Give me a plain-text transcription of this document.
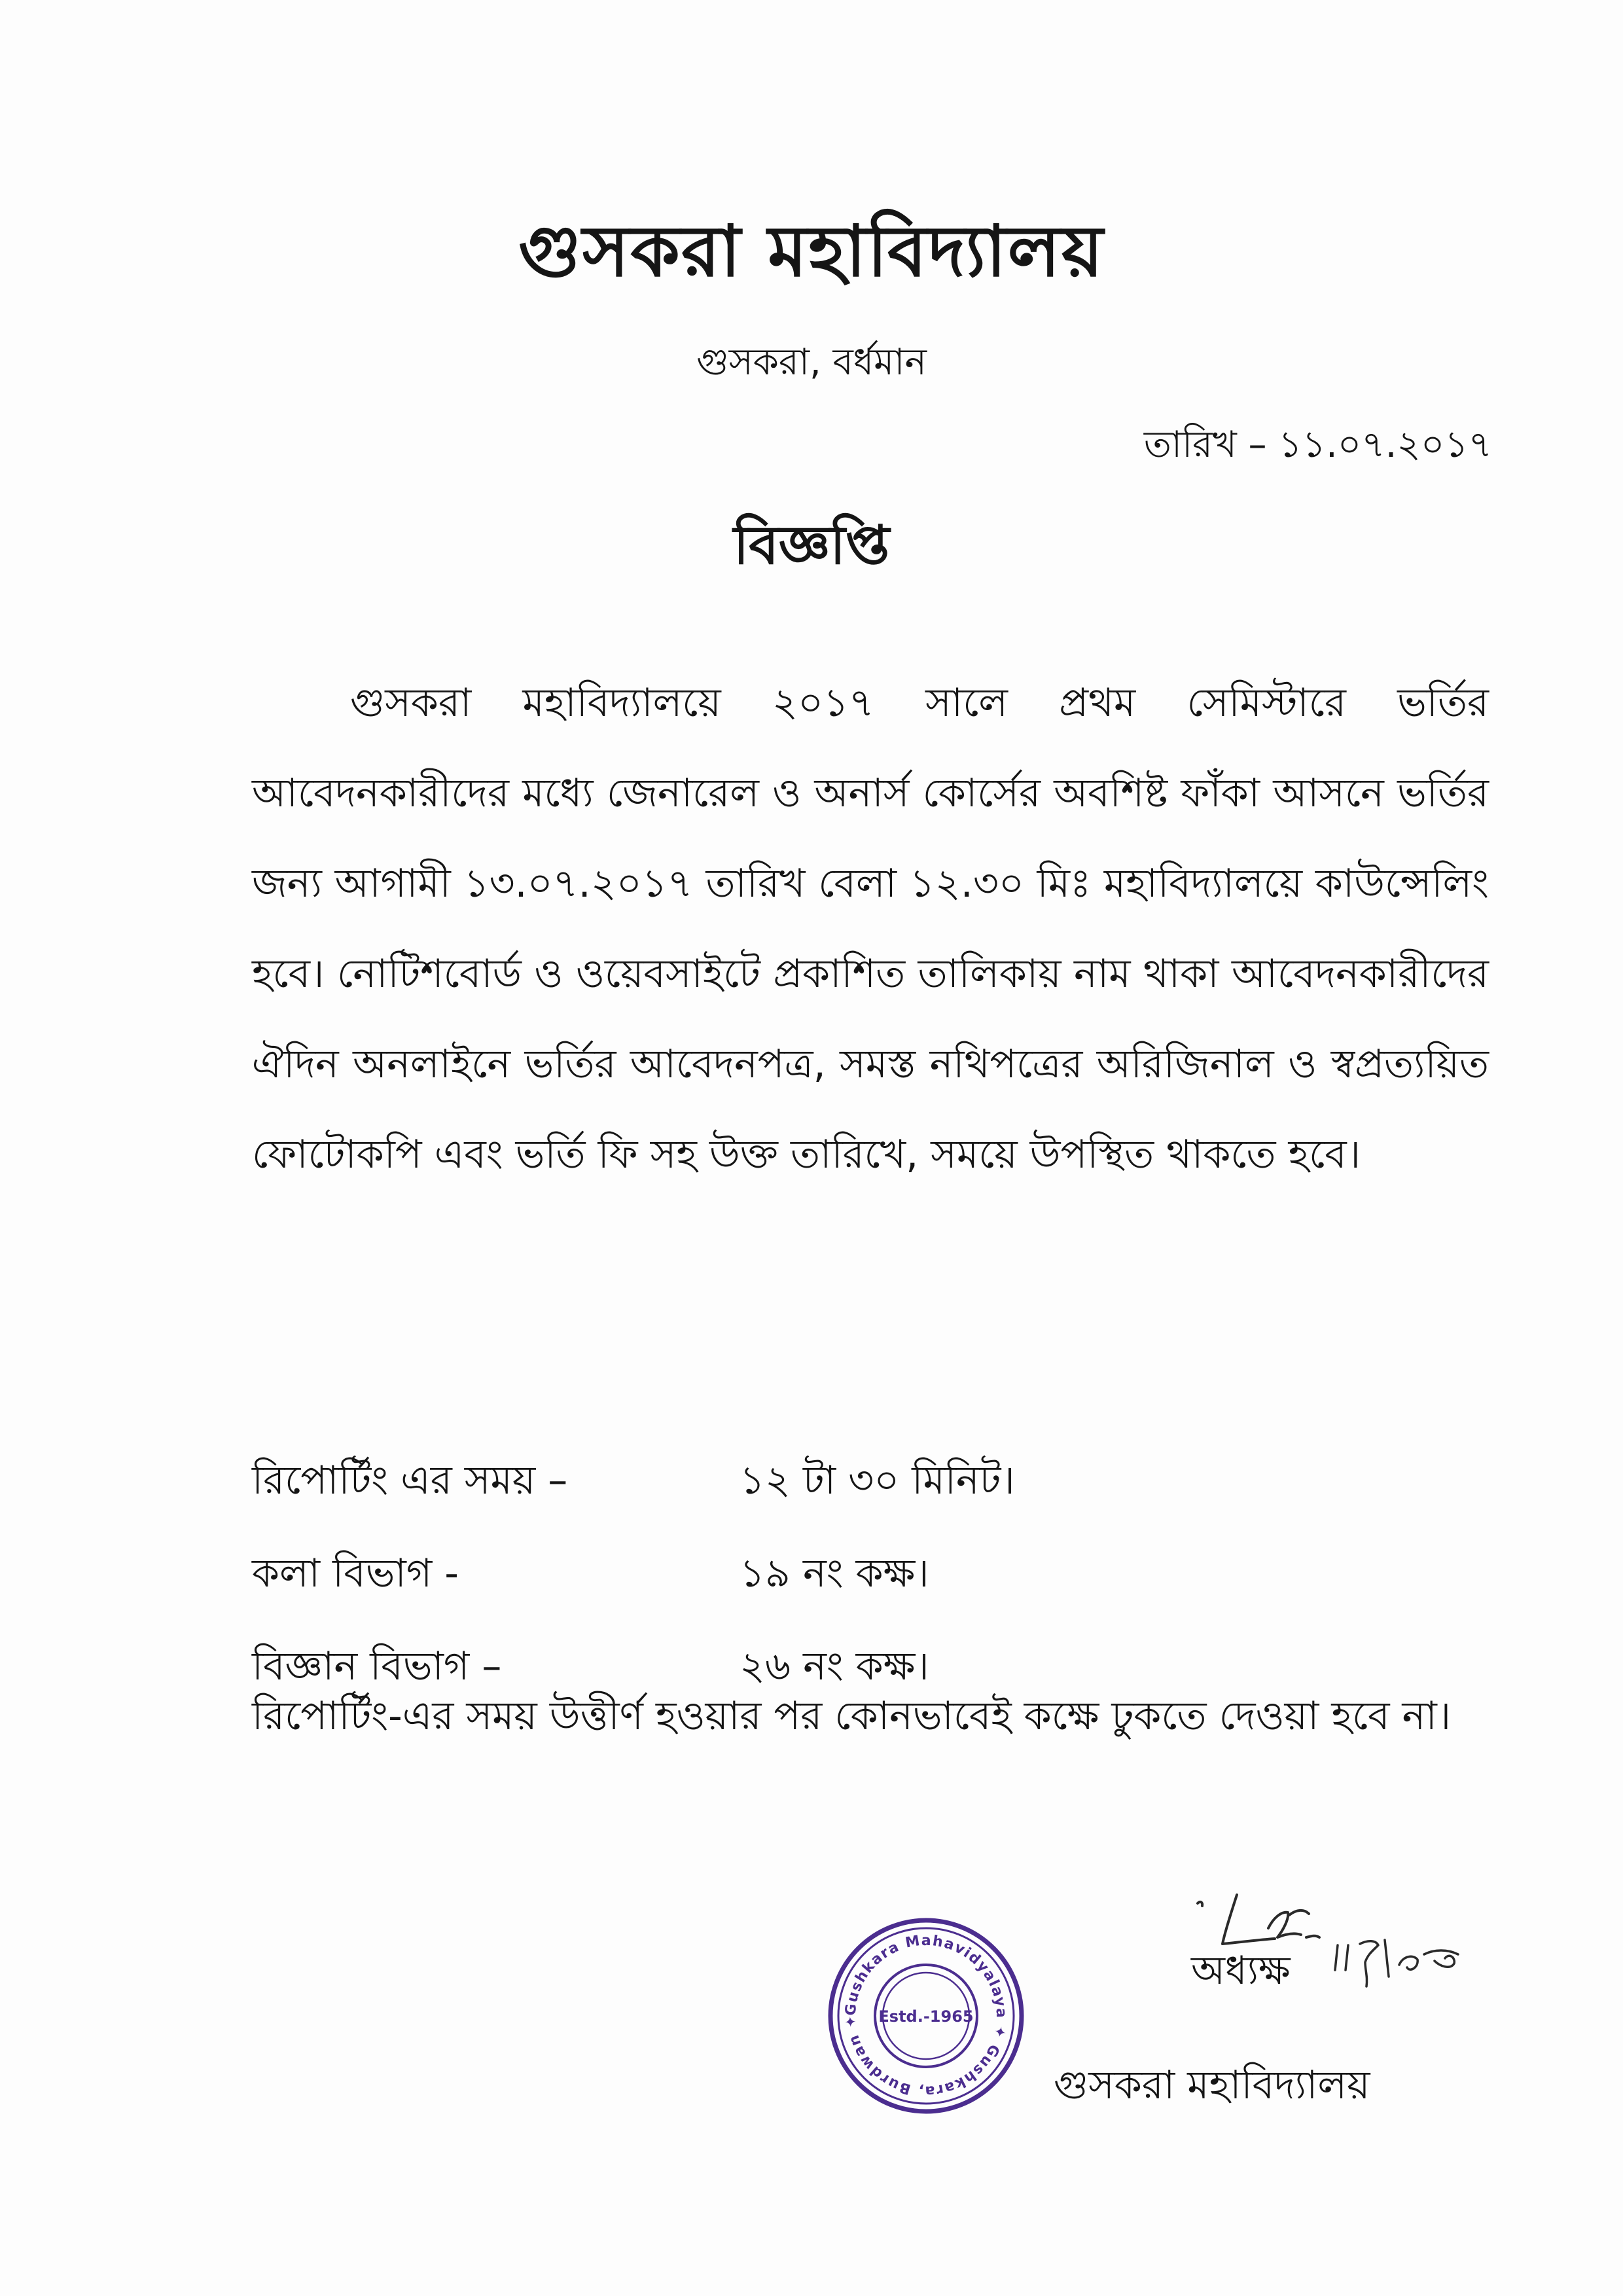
গুসকরা মহাবিদ্যালয়
গুসকরা, বর্ধমান
তারিখ – ১১.০৭.২০১৭
বিজ্ঞপ্তি

গুসকরা মহাবিদ্যালয়ে ২০১৭ সালে প্রথম সেমিস্টারে ভর্তির আবেদনকারীদের মধ্যে জেনারেল ও অনার্স কোর্সের অবশিষ্ট ফাঁকা আসনে ভর্তির জন্য আগামী ১৩.০৭.২০১৭ তারিখ বেলা ১২.৩০ মিঃ মহাবিদ্যালয়ে কাউন্সেলিং হবে। নোটিশবোর্ড ও ওয়েবসাইটে প্রকাশিত তালিকায় নাম থাকা আবেদনকারীদের ঐদিন অনলাইনে ভর্তির আবেদনপত্র, সমস্ত নথিপত্রের অরিজিনাল ও স্বপ্রত্যয়িত ফোটোকপি এবং ভর্তি ফি সহ উক্ত তারিখে, সময়ে উপস্থিত থাকতে হবে।

রিপোর্টিং এর সময় –	১২ টা ৩০ মিনিট।
কলা বিভাগ -	১৯ নং কক্ষ।
বিজ্ঞান বিভাগ –	২৬ নং কক্ষ।

রিপোর্টিং-এর সময় উত্তীর্ণ হওয়ার পর কোনভাবেই কক্ষে ঢুকতে দেওয়া হবে না।

Gushkara Mahavidyalaya ✦ Gushkara, Burdwan ✦	Estd.-1965
অধ্যক্ষ
গুসকরা মহাবিদ্যালয়
